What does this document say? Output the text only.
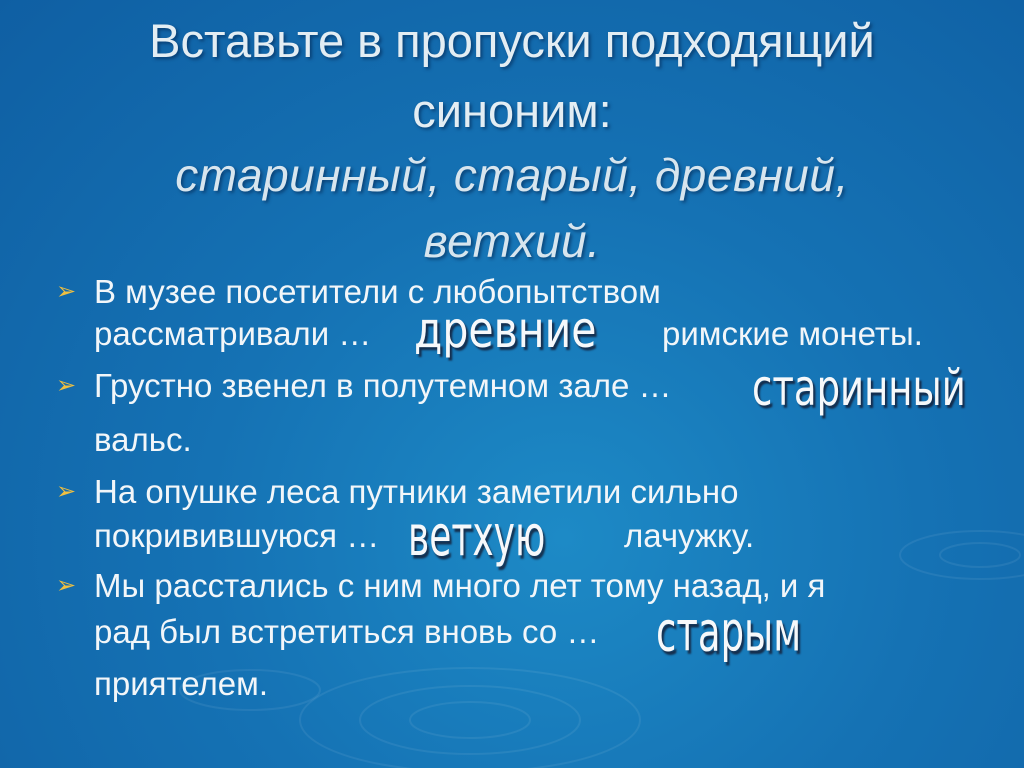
Вставьте в пропуски подходящий
синоним:
старинный, старый, древний,
ветхий.
➢ В музее посетители с любопытством
рассматривали …	римские монеты.
древние
➢ Грустно звенел в полутемном зале …
вальс.
старинный
➢ На опушке леса путники заметили сильно
покривившуюся …	лачужку.
ветхую
➢ Мы расстались с ним много лет тому назад, и я
рад был встретиться вновь со …
приятелем.
старым
